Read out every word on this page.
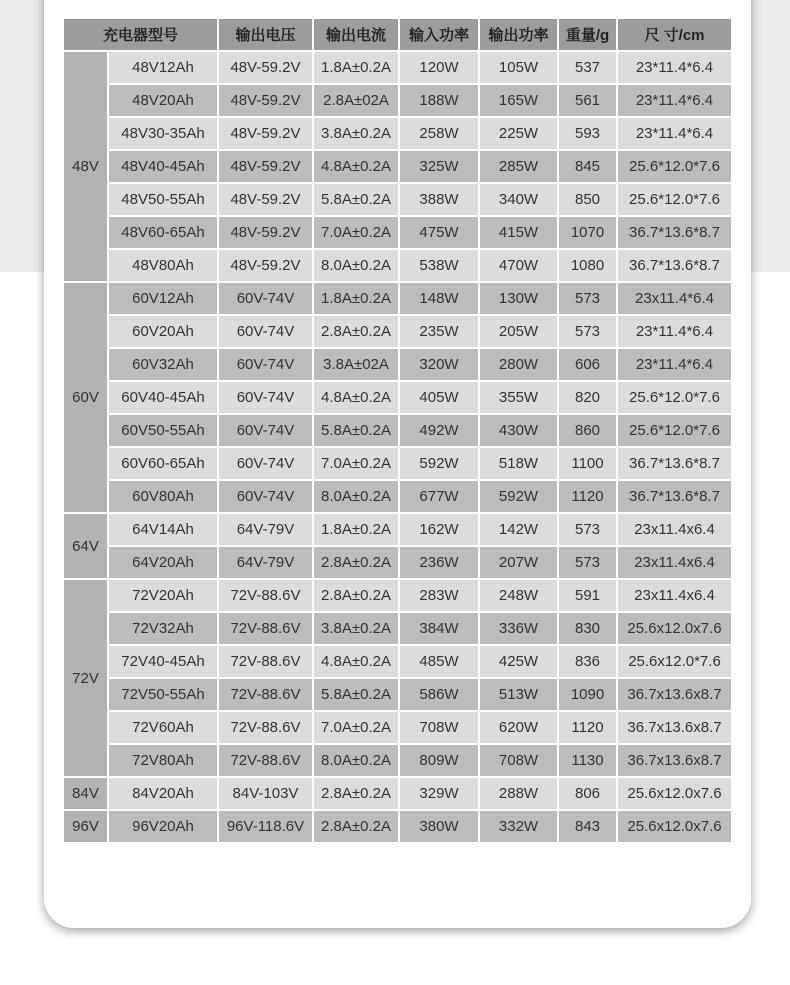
充电器型号		输出电压	输出电流	输入功率	输出功率	重量/g	尺 寸/cm
48V	48V12Ah	48V-59.2V	1.8A±0.2A	120W	105W	537	23*11.4*6.4
	48V20Ah	48V-59.2V	2.8A±02A	188W	165W	561	23*11.4*6.4
	48V30-35Ah	48V-59.2V	3.8A±0.2A	258W	225W	593	23*11.4*6.4
	48V40-45Ah	48V-59.2V	4.8A±0.2A	325W	285W	845	25.6*12.0*7.6
	48V50-55Ah	48V-59.2V	5.8A±0.2A	388W	340W	850	25.6*12.0*7.6
	48V60-65Ah	48V-59.2V	7.0A±0.2A	475W	415W	1070	36.7*13.6*8.7
	48V80Ah	48V-59.2V	8.0A±0.2A	538W	470W	1080	36.7*13.6*8.7
60V	60V12Ah	60V-74V	1.8A±0.2A	148W	130W	573	23x11.4*6.4
	60V20Ah	60V-74V	2.8A±0.2A	235W	205W	573	23*11.4*6.4
	60V32Ah	60V-74V	3.8A±02A	320W	280W	606	23*11.4*6.4
	60V40-45Ah	60V-74V	4.8A±0.2A	405W	355W	820	25.6*12.0*7.6
	60V50-55Ah	60V-74V	5.8A±0.2A	492W	430W	860	25.6*12.0*7.6
	60V60-65Ah	60V-74V	7.0A±0.2A	592W	518W	1100	36.7*13.6*8.7
	60V80Ah	60V-74V	8.0A±0.2A	677W	592W	1120	36.7*13.6*8.7
64V	64V14Ah	64V-79V	1.8A±0.2A	162W	142W	573	23x11.4x6.4
	64V20Ah	64V-79V	2.8A±0.2A	236W	207W	573	23x11.4x6.4
72V	72V20Ah	72V-88.6V	2.8A±0.2A	283W	248W	591	23x11.4x6.4
	72V32Ah	72V-88.6V	3.8A±0.2A	384W	336W	830	25.6x12.0x7.6
	72V40-45Ah	72V-88.6V	4.8A±0.2A	485W	425W	836	25.6x12.0*7.6
	72V50-55Ah	72V-88.6V	5.8A±0.2A	586W	513W	1090	36.7x13.6x8.7
	72V60Ah	72V-88.6V	7.0A±0.2A	708W	620W	1120	36.7x13.6x8.7
	72V80Ah	72V-88.6V	8.0A±0.2A	809W	708W	1130	36.7x13.6x8.7
84V	84V20Ah	84V-103V	2.8A±0.2A	329W	288W	806	25.6x12.0x7.6
96V	96V20Ah	96V-118.6V	2.8A±0.2A	380W	332W	843	25.6x12.0x7.6
